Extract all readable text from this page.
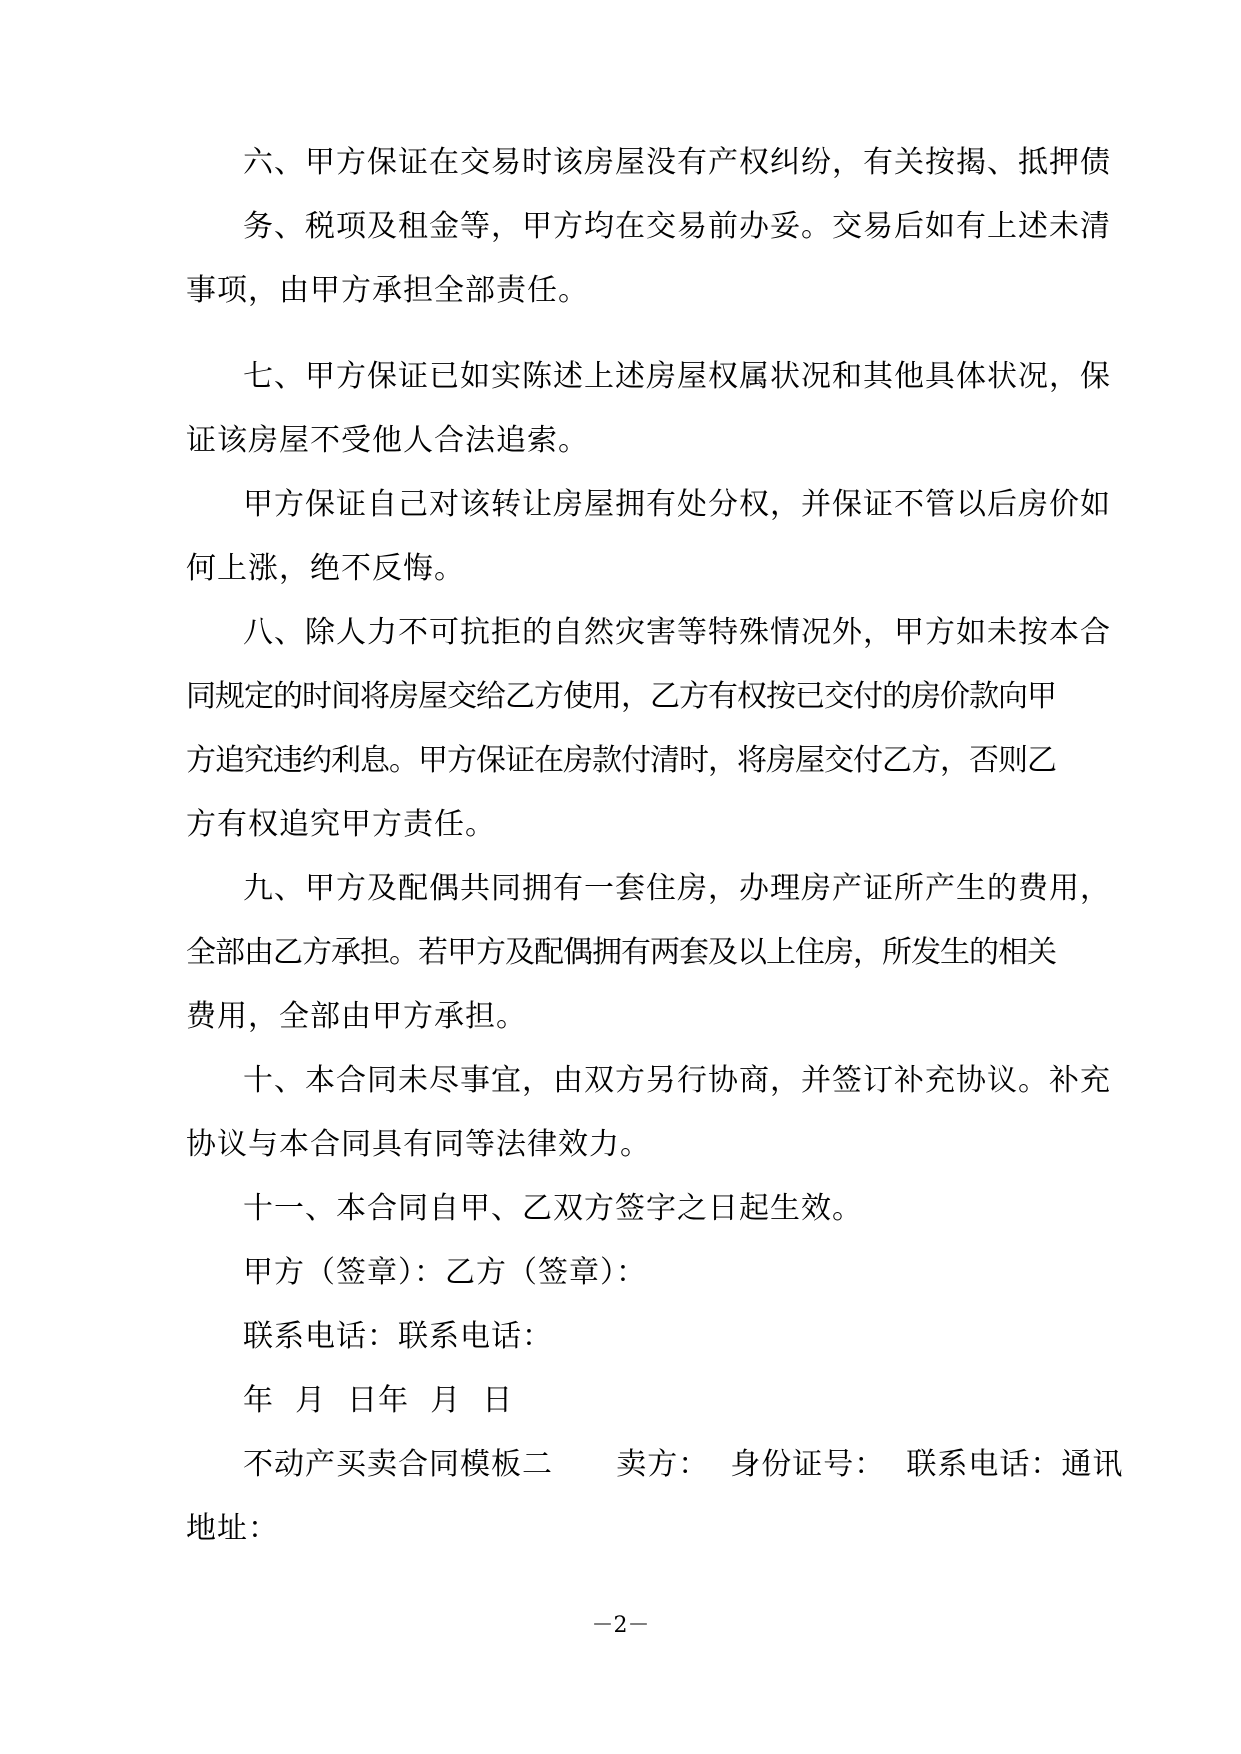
六、甲方保证在交易时该房屋没有产权纠纷，有关按揭、抵押债

务、税项及租金等，甲方均在交易前办妥。交易后如有上述未清

事项，由甲方承担全部责任。

七、甲方保证已如实陈述上述房屋权属状况和其他具体状况，保

证该房屋不受他人合法追索。

甲方保证自己对该转让房屋拥有处分权，并保证不管以后房价如

何上涨，绝不反悔。

八、除人力不可抗拒的自然灾害等特殊情况外，甲方如未按本合

同规定的时间将房屋交给乙方使用，乙方有权按已交付的房价款向甲

方追究违约利息。甲方保证在房款付清时，将房屋交付乙方，否则乙

方有权追究甲方责任。

九、甲方及配偶共同拥有一套住房，办理房产证所产生的费用，

全部由乙方承担。若甲方及配偶拥有两套及以上住房，所发生的相关

费用，全部由甲方承担。

十、本合同未尽事宜，由双方另行协商，并签订补充协议。补充

协议与本合同具有同等法律效力。

十一、本合同自甲、乙双方签字之日起生效。

甲方（签章）：乙方（签章）：

联系电话：联系电话：

年  月  日年  月  日

不动产买卖合同模板二      卖方：  身份证号：  联系电话：通讯

地址：

－2－
